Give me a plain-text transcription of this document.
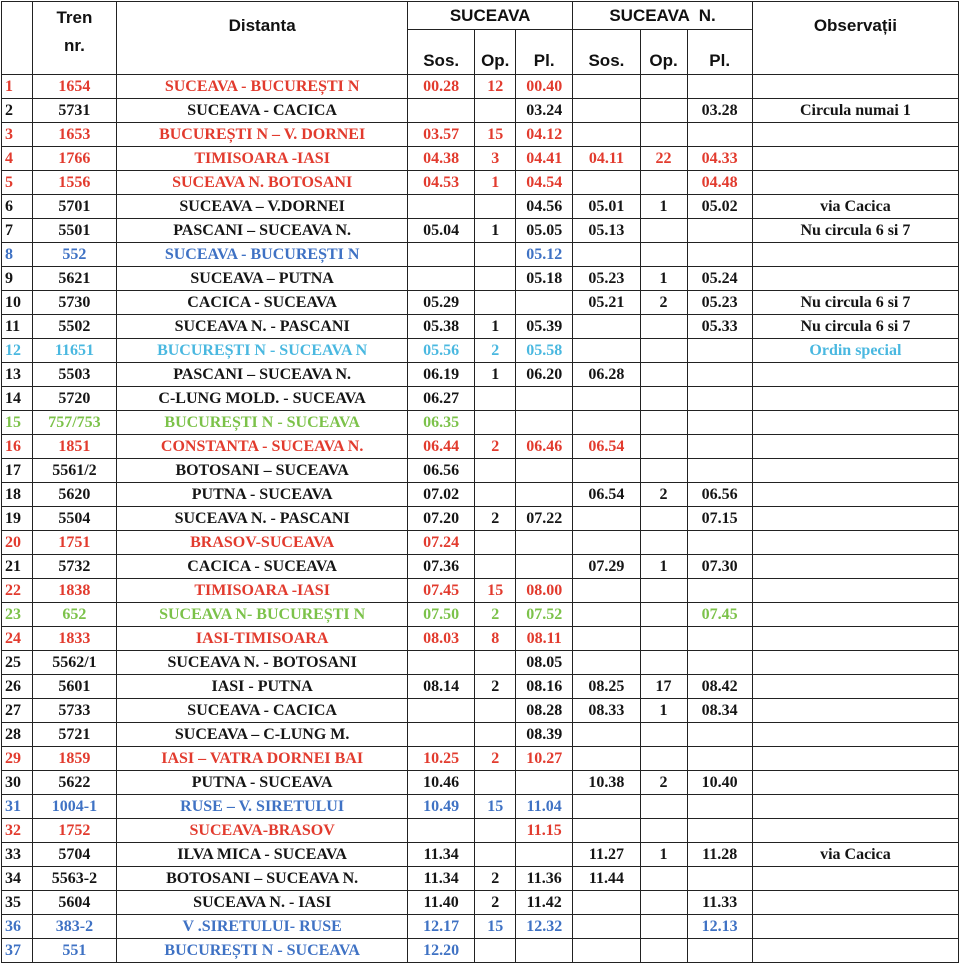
	Tren
nr.	Distanta	SUCEAVA			SUCEAVA  N.			Observații
			Sos.	Op.	Pl.	Sos.	Op.	Pl.	
1	1654	SUCEAVA - BUCUREȘTI N	00.28	12	00.40				
2	5731	SUCEAVA - CACICA			03.24			03.28	Circula numai 1
3	1653	BUCUREȘTI N – V. DORNEI	03.57	15	04.12				
4	1766	TIMISOARA -IASI	04.38	3	04.41	04.11	22	04.33	
5	1556	SUCEAVA N. BOTOSANI	04.53	1	04.54			04.48	
6	5701	SUCEAVA – V.DORNEI			04.56	05.01	1	05.02	via Cacica
7	5501	PASCANI – SUCEAVA N.	05.04	1	05.05	05.13			Nu circula 6 si 7
8	552	SUCEAVA - BUCUREȘTI N			05.12				
9	5621	SUCEAVA – PUTNA			05.18	05.23	1	05.24	
10	5730	CACICA - SUCEAVA	05.29			05.21	2	05.23	Nu circula 6 si 7
11	5502	SUCEAVA N. - PASCANI	05.38	1	05.39			05.33	Nu circula 6 si 7
12	11651	BUCUREȘTI N - SUCEAVA N	05.56	2	05.58				Ordin special
13	5503	PASCANI – SUCEAVA N.	06.19	1	06.20	06.28			
14	5720	C-LUNG MOLD. - SUCEAVA	06.27						
15	757/753	BUCUREȘTI N - SUCEAVA	06.35						
16	1851	CONSTANTA - SUCEAVA N.	06.44	2	06.46	06.54			
17	5561/2	BOTOSANI – SUCEAVA	06.56						
18	5620	PUTNA - SUCEAVA	07.02			06.54	2	06.56	
19	5504	SUCEAVA N. - PASCANI	07.20	2	07.22			07.15	
20	1751	BRASOV-SUCEAVA	07.24						
21	5732	CACICA - SUCEAVA	07.36			07.29	1	07.30	
22	1838	TIMISOARA -IASI	07.45	15	08.00				
23	652	SUCEAVA N- BUCUREȘTI N	07.50	2	07.52			07.45	
24	1833	IASI-TIMISOARA	08.03	8	08.11				
25	5562/1	SUCEAVA N. - BOTOSANI			08.05				
26	5601	IASI - PUTNA	08.14	2	08.16	08.25	17	08.42	
27	5733	SUCEAVA - CACICA			08.28	08.33	1	08.34	
28	5721	SUCEAVA – C-LUNG M.			08.39				
29	1859	IASI – VATRA DORNEI BAI	10.25	2	10.27				
30	5622	PUTNA - SUCEAVA	10.46			10.38	2	10.40	
31	1004-1	RUSE – V. SIRETULUI	10.49	15	11.04				
32	1752	SUCEAVA-BRASOV			11.15				
33	5704	ILVA MICA - SUCEAVA	11.34			11.27	1	11.28	via Cacica
34	5563-2	BOTOSANI – SUCEAVA N.	11.34	2	11.36	11.44			
35	5604	SUCEAVA N. - IASI	11.40	2	11.42			11.33	
36	383-2	V .SIRETULUI- RUSE	12.17	15	12.32			12.13	
37	551	BUCUREȘTI N - SUCEAVA	12.20						
